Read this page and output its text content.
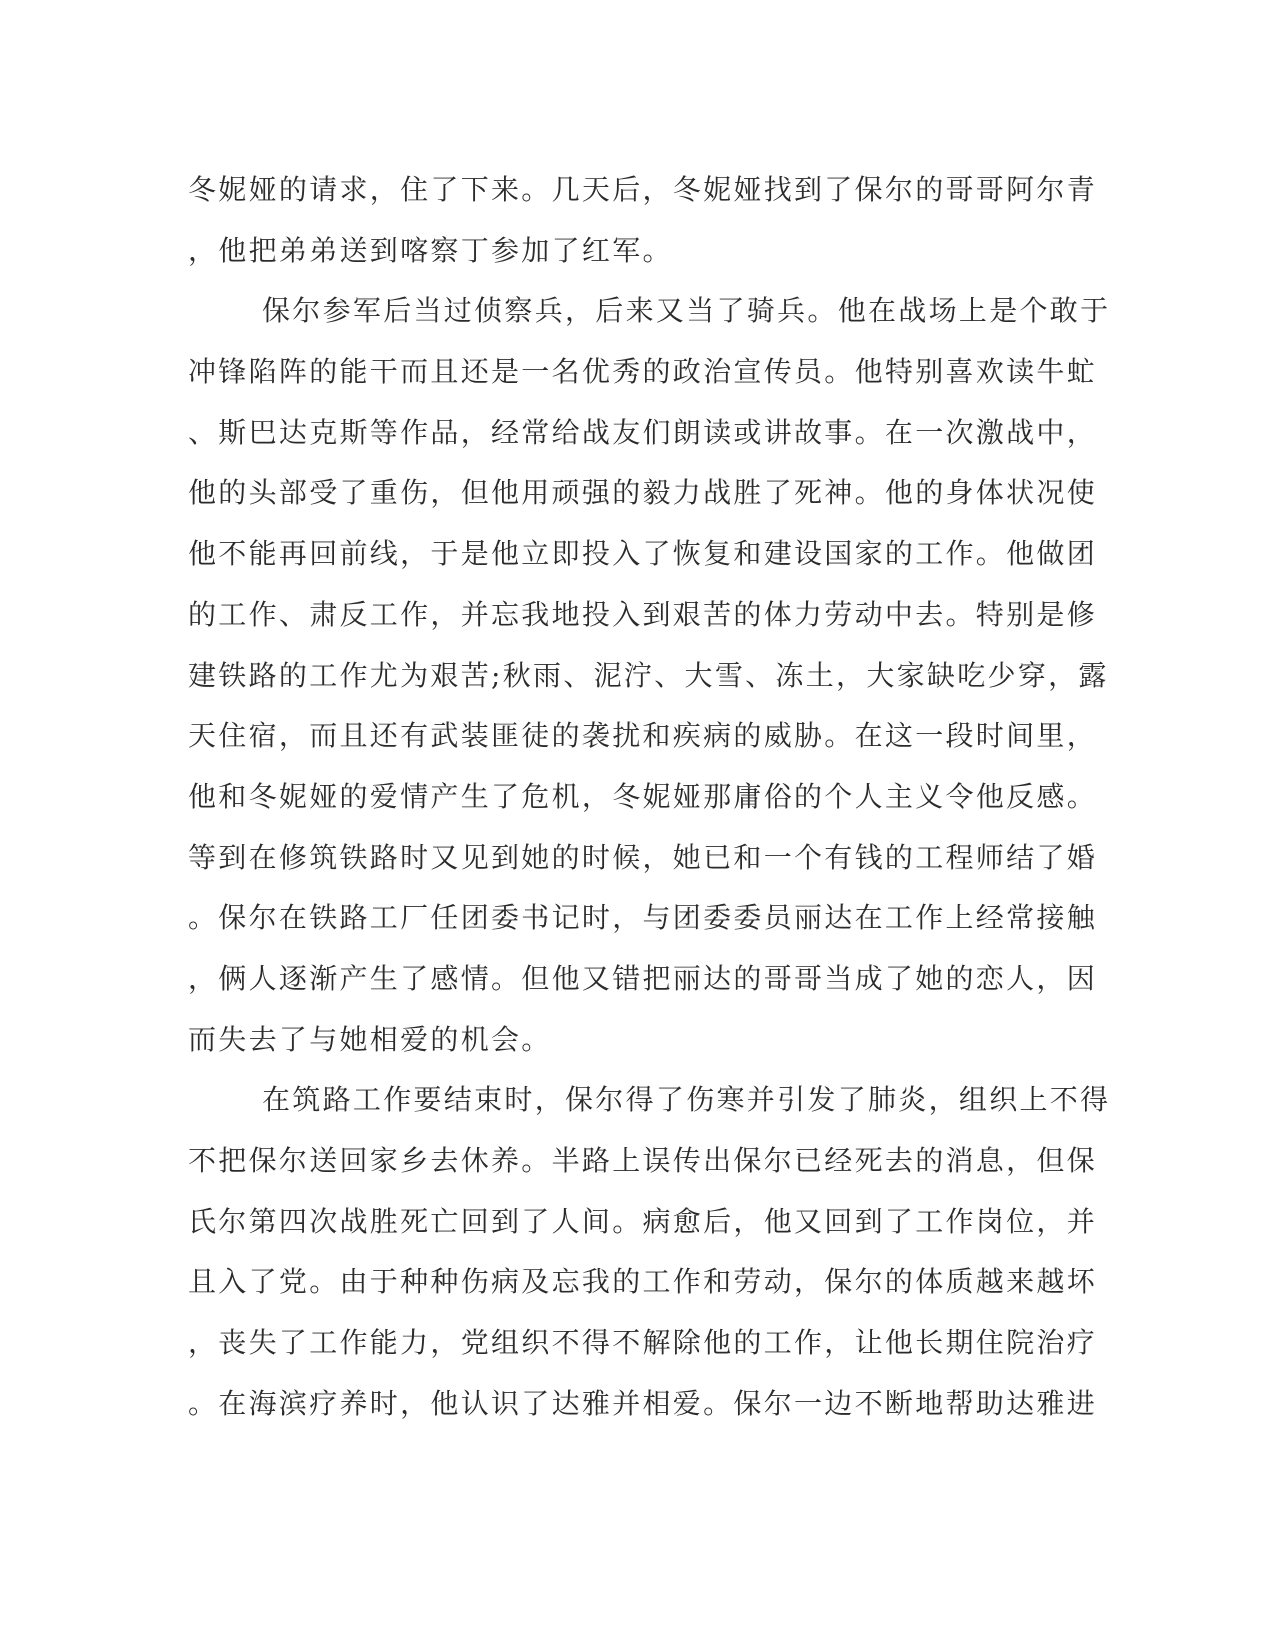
冬妮娅的请求，住了下来。几天后，冬妮娅找到了保尔的哥哥阿尔青
，他把弟弟送到喀察丁参加了红军。
保尔参军后当过侦察兵，后来又当了骑兵。他在战场上是个敢于
冲锋陷阵的能干而且还是一名优秀的政治宣传员。他特别喜欢读牛虻
、斯巴达克斯等作品，经常给战友们朗读或讲故事。在一次激战中，
他的头部受了重伤，但他用顽强的毅力战胜了死神。他的身体状况使
他不能再回前线，于是他立即投入了恢复和建设国家的工作。他做团
的工作、肃反工作，并忘我地投入到艰苦的体力劳动中去。特别是修
建铁路的工作尤为艰苦;秋雨、泥泞、大雪、冻土，大家缺吃少穿，露
天住宿，而且还有武装匪徒的袭扰和疾病的威胁。在这一段时间里，
他和冬妮娅的爱情产生了危机，冬妮娅那庸俗的个人主义令他反感。
等到在修筑铁路时又见到她的时候，她已和一个有钱的工程师结了婚
。保尔在铁路工厂任团委书记时，与团委委员丽达在工作上经常接触
，俩人逐渐产生了感情。但他又错把丽达的哥哥当成了她的恋人，因
而失去了与她相爱的机会。
在筑路工作要结束时，保尔得了伤寒并引发了肺炎，组织上不得
不把保尔送回家乡去休养。半路上误传出保尔已经死去的消息，但保
氏尔第四次战胜死亡回到了人间。病愈后，他又回到了工作岗位，并
且入了党。由于种种伤病及忘我的工作和劳动，保尔的体质越来越坏
，丧失了工作能力，党组织不得不解除他的工作，让他长期住院治疗
。在海滨疗养时，他认识了达雅并相爱。保尔一边不断地帮助达雅进
